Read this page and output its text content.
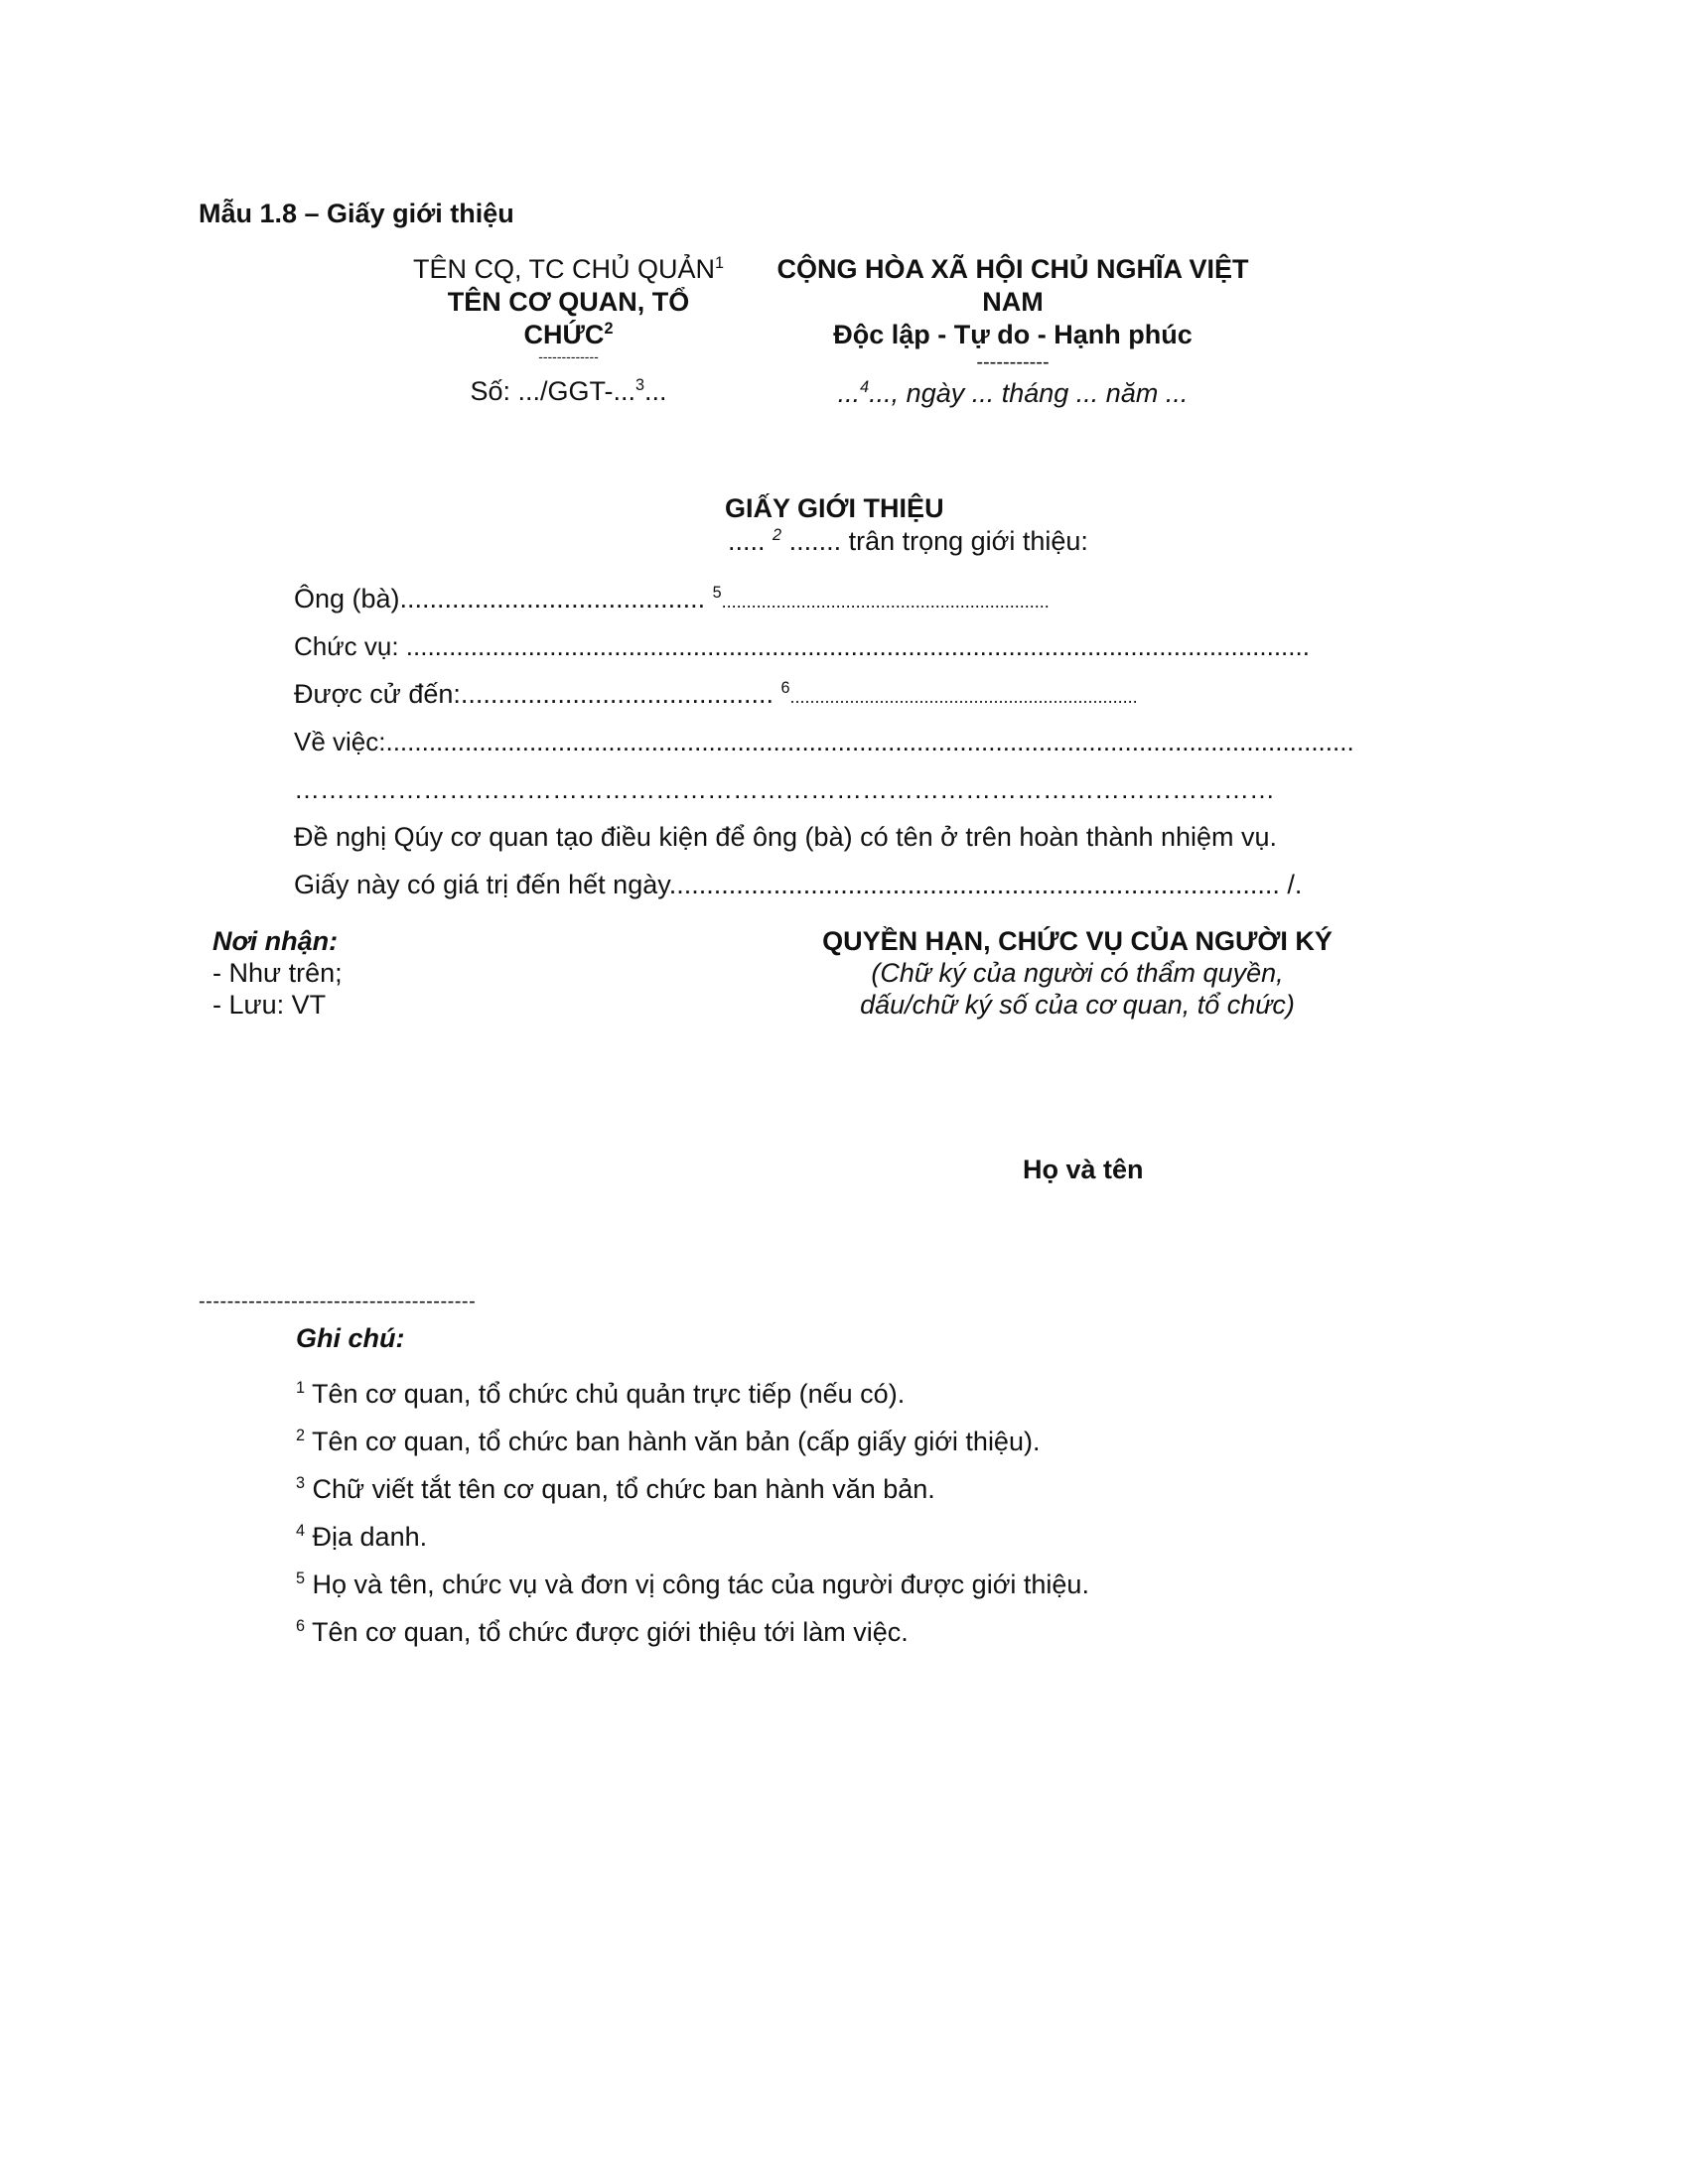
Mẫu 1.8 – Giấy giới thiệu
TÊN CQ, TC CHỦ QUẢN$^1$
TÊN CƠ QUAN, TỔ
CHỨC$^2$
-------------
Số: .../GGT-...$^3$...
CỘNG HÒA XÃ HỘI CHỦ NGHĨA VIỆT
NAM
Độc lập - Tự do - Hạnh phúc
-----------
...$^4$..., ngày ... tháng ... năm ...
GIẤY GIỚI THIỆU
..... $^2$ ....... trân trọng giới thiệu:
Ông (bà)......................................... $^5$..................................................................
Chức vụ: ..............................................................................................................................
Được cử đến:.......................................... $^6$......................................................................
Về việc:.......................................................................................................................................
……………………………………………………………………………………………………
Đề nghị Qúy cơ quan tạo điều kiện để ông (bà) có tên ở trên hoàn thành nhiệm vụ.
Giấy này có giá trị đến hết ngày.................................................................................. /.
Nơi nhận:
- Như trên;
- Lưu: VT
QUYỀN HẠN, CHỨC VỤ CỦA NGƯỜI KÝ
(Chữ ký của người có thẩm quyền,
dấu/chữ ký số của cơ quan, tổ chức)
Họ và tên
---------------------------------------
Ghi chú:
$^1$ Tên cơ quan, tổ chức chủ quản trực tiếp (nếu có).
$^2$ Tên cơ quan, tổ chức ban hành văn bản (cấp giấy giới thiệu).
$^3$ Chữ viết tắt tên cơ quan, tổ chức ban hành văn bản.
$^4$ Địa danh.
$^5$ Họ và tên, chức vụ và đơn vị công tác của người được giới thiệu.
$^6$ Tên cơ quan, tổ chức được giới thiệu tới làm việc.
